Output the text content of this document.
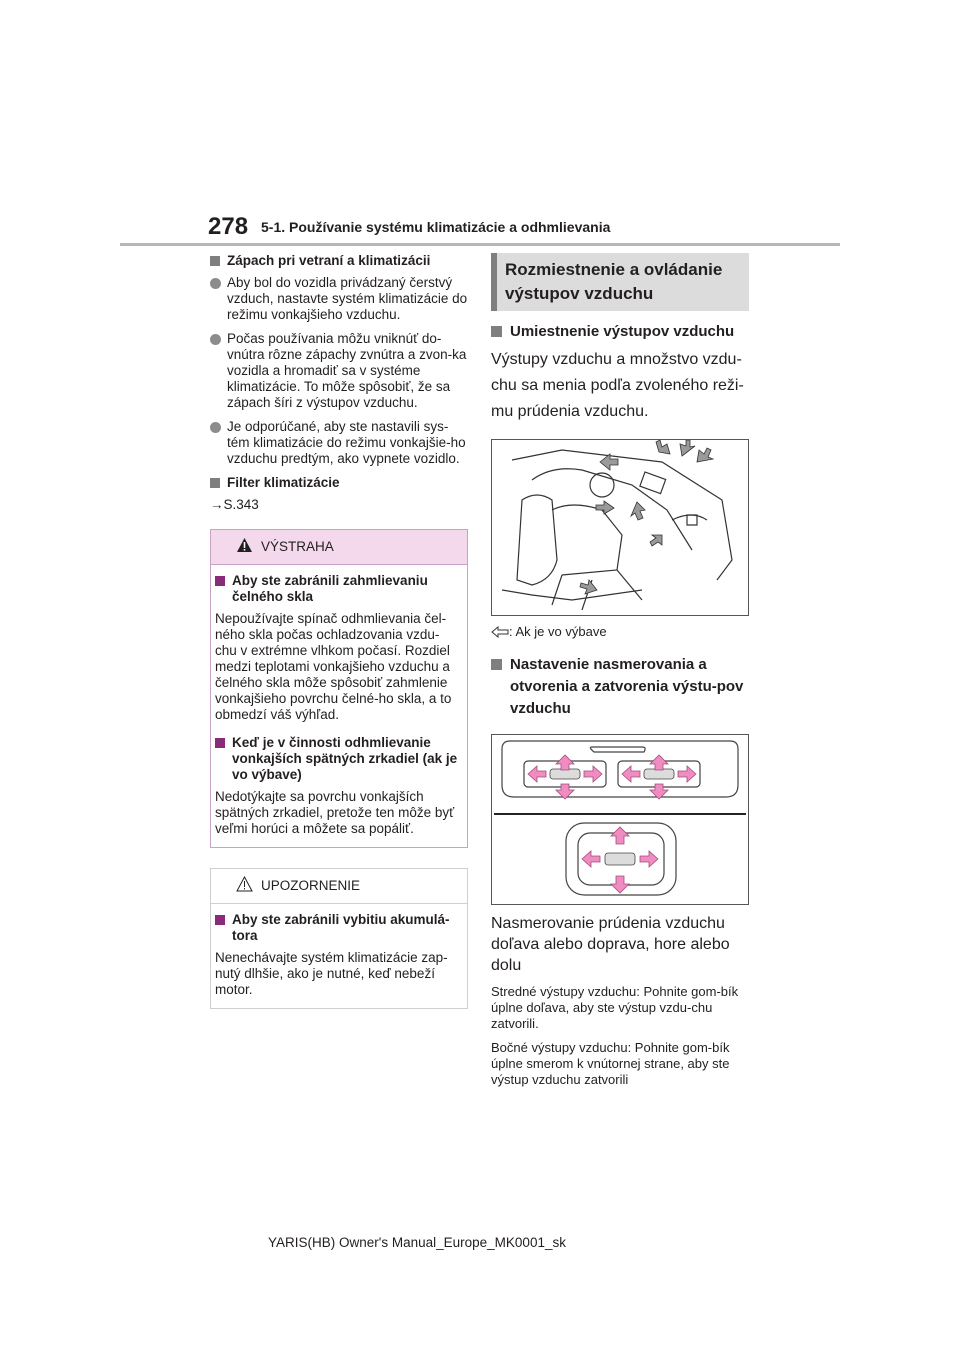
278 5-1. Používanie systému klimatizácie a odhmlievania
Zápach pri vetraní a klimatizácii
Aby bol do vozidla privádzaný čerstvý vzduch, nastavte systém klimatizácie do režimu vonkajšieho vzduchu.
Počas používania môžu vniknúť do-vnútra rôzne zápachy zvnútra a zvon-ka vozidla a hromadiť sa v systéme klimatizácie. To môže spôsobiť, že sa zápach šíri z výstupov vzduchu.
Je odporúčané, aby ste nastavili sys-tém klimatizácie do režimu vonkajšie-ho vzduchu predtým, ako vypnete vozidlo.
Filter klimatizácie
→S.343
VÝSTRAHA
Aby ste zabránili zahmlievaniu čelného skla
Nepoužívajte spínač odhmlievania čel-ného skla počas ochladzovania vzdu-chu v extrémne vlhkom počasí. Rozdiel medzi teplotami vonkajšieho vzduchu a čelného skla môže spôsobiť zahmlenie vonkajšieho povrchu čelné-ho skla, a to obmedzí váš výhľad.
Keď je v činnosti odhmlievanie vonkajších spätných zrkadiel (ak je vo výbave)
Nedotýkajte sa povrchu vonkajších spätných zrkadiel, pretože ten môže byť veľmi horúci a môžete sa popáliť.
UPOZORNENIE
Aby ste zabránili vybitiu akumulá-tora
Nenechávajte systém klimatizácie zap-nutý dlhšie, ako je nutné, keď nebeží motor.
Rozmiestnenie a ovládanie výstupov vzduchu
Umiestnenie výstupov vzduchu
Výstupy vzduchu a množstvo vzdu-chu sa menia podľa zvoleného reži-mu prúdenia vzduchu.
: Ak je vo výbave
Nastavenie nasmerovania a otvorenia a zatvorenia výstu-pov vzduchu
Nasmerovanie prúdenia vzduchu doľava alebo doprava, hore alebo dolu
Stredné výstupy vzduchu: Pohnite gom-bík úplne doľava, aby ste výstup vzdu-chu zatvorili.
Bočné výstupy vzduchu: Pohnite gom-bík úplne smerom k vnútornej strane, aby ste výstup vzduchu zatvorili
YARIS(HB) Owner's Manual_Europe_MK0001_sk
